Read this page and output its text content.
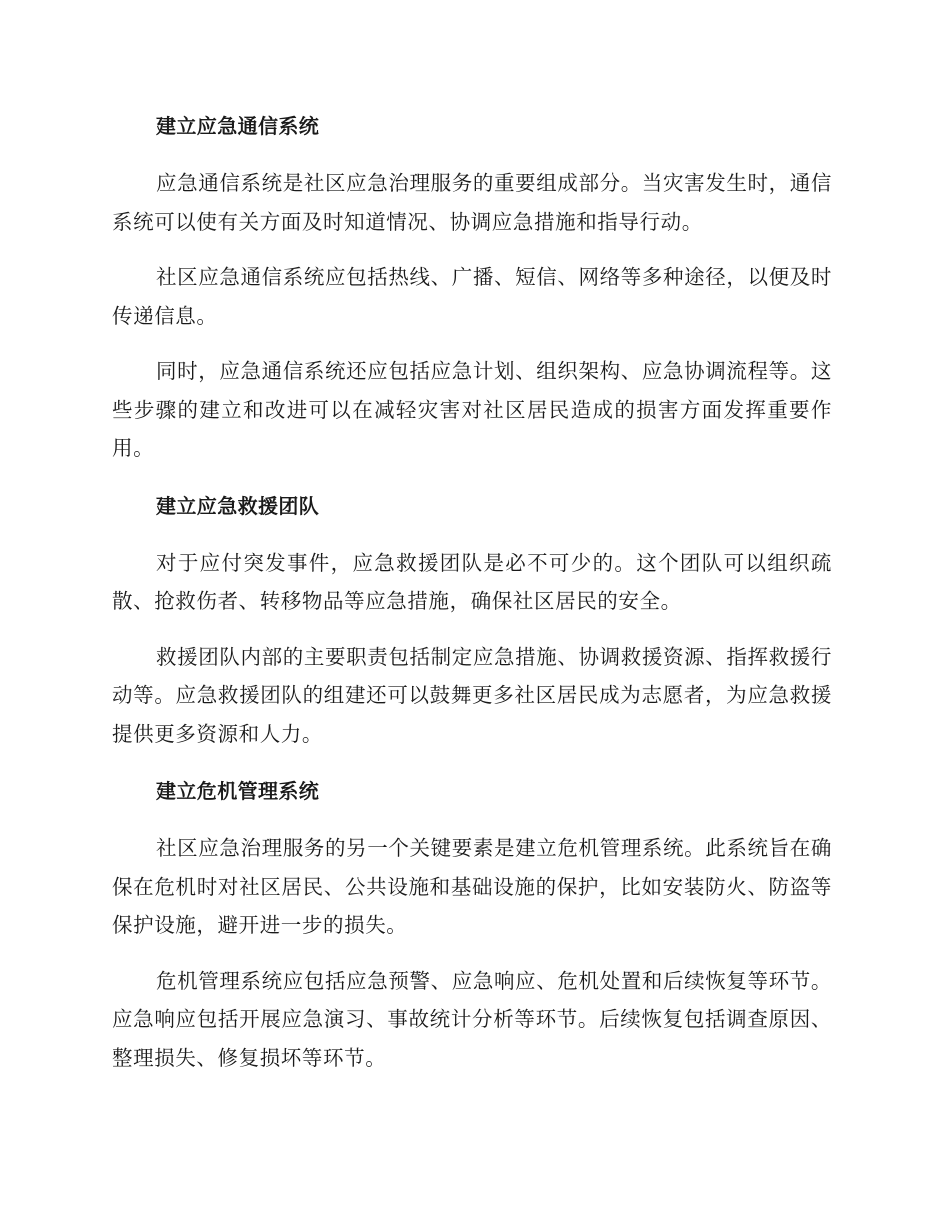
建立应急通信系统

应急通信系统是社区应急治理服务的重要组成部分。当灾害发生时，通信系统可以使有关方面及时知道情况、协调应急措施和指导行动。

社区应急通信系统应包括热线、广播、短信、网络等多种途径，以便及时传递信息。

同时，应急通信系统还应包括应急计划、组织架构、应急协调流程等。这些步骤的建立和改进可以在减轻灾害对社区居民造成的损害方面发挥重要作用。

建立应急救援团队

对于应付突发事件，应急救援团队是必不可少的。这个团队可以组织疏散、抢救伤者、转移物品等应急措施，确保社区居民的安全。

救援团队内部的主要职责包括制定应急措施、协调救援资源、指挥救援行动等。应急救援团队的组建还可以鼓舞更多社区居民成为志愿者，为应急救援提供更多资源和人力。

建立危机管理系统

社区应急治理服务的另一个关键要素是建立危机管理系统。此系统旨在确保在危机时对社区居民、公共设施和基础设施的保护，比如安装防火、防盗等保护设施，避开进一步的损失。

危机管理系统应包括应急预警、应急响应、危机处置和后续恢复等环节。应急响应包括开展应急演习、事故统计分析等环节。后续恢复包括调查原因、整理损失、修复损坏等环节。
